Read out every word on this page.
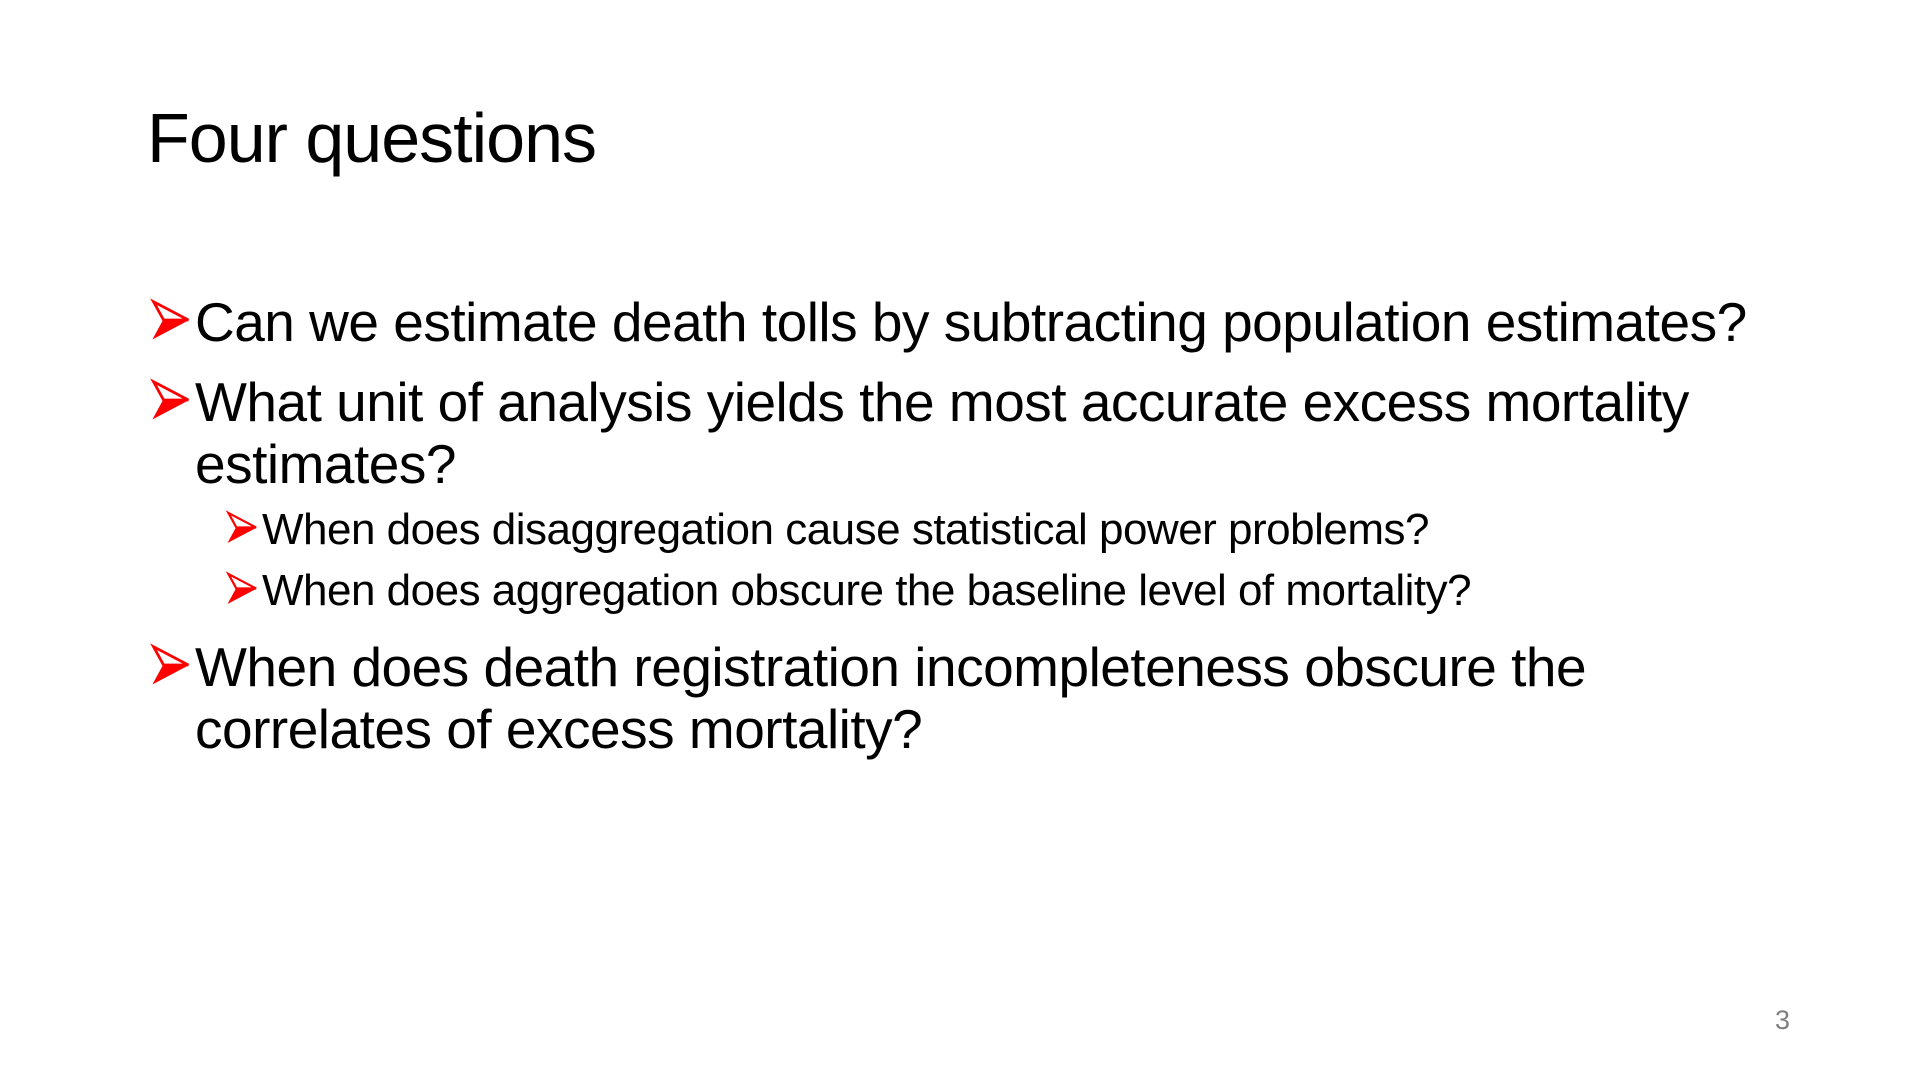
Four questions
Can we estimate death tolls by subtracting population estimates?
What unit of analysis yields the most accurate excess mortality estimates?
When does disaggregation cause statistical power problems?
When does aggregation obscure the baseline level of mortality?
When does death registration incompleteness obscure the correlates of excess mortality?
3
